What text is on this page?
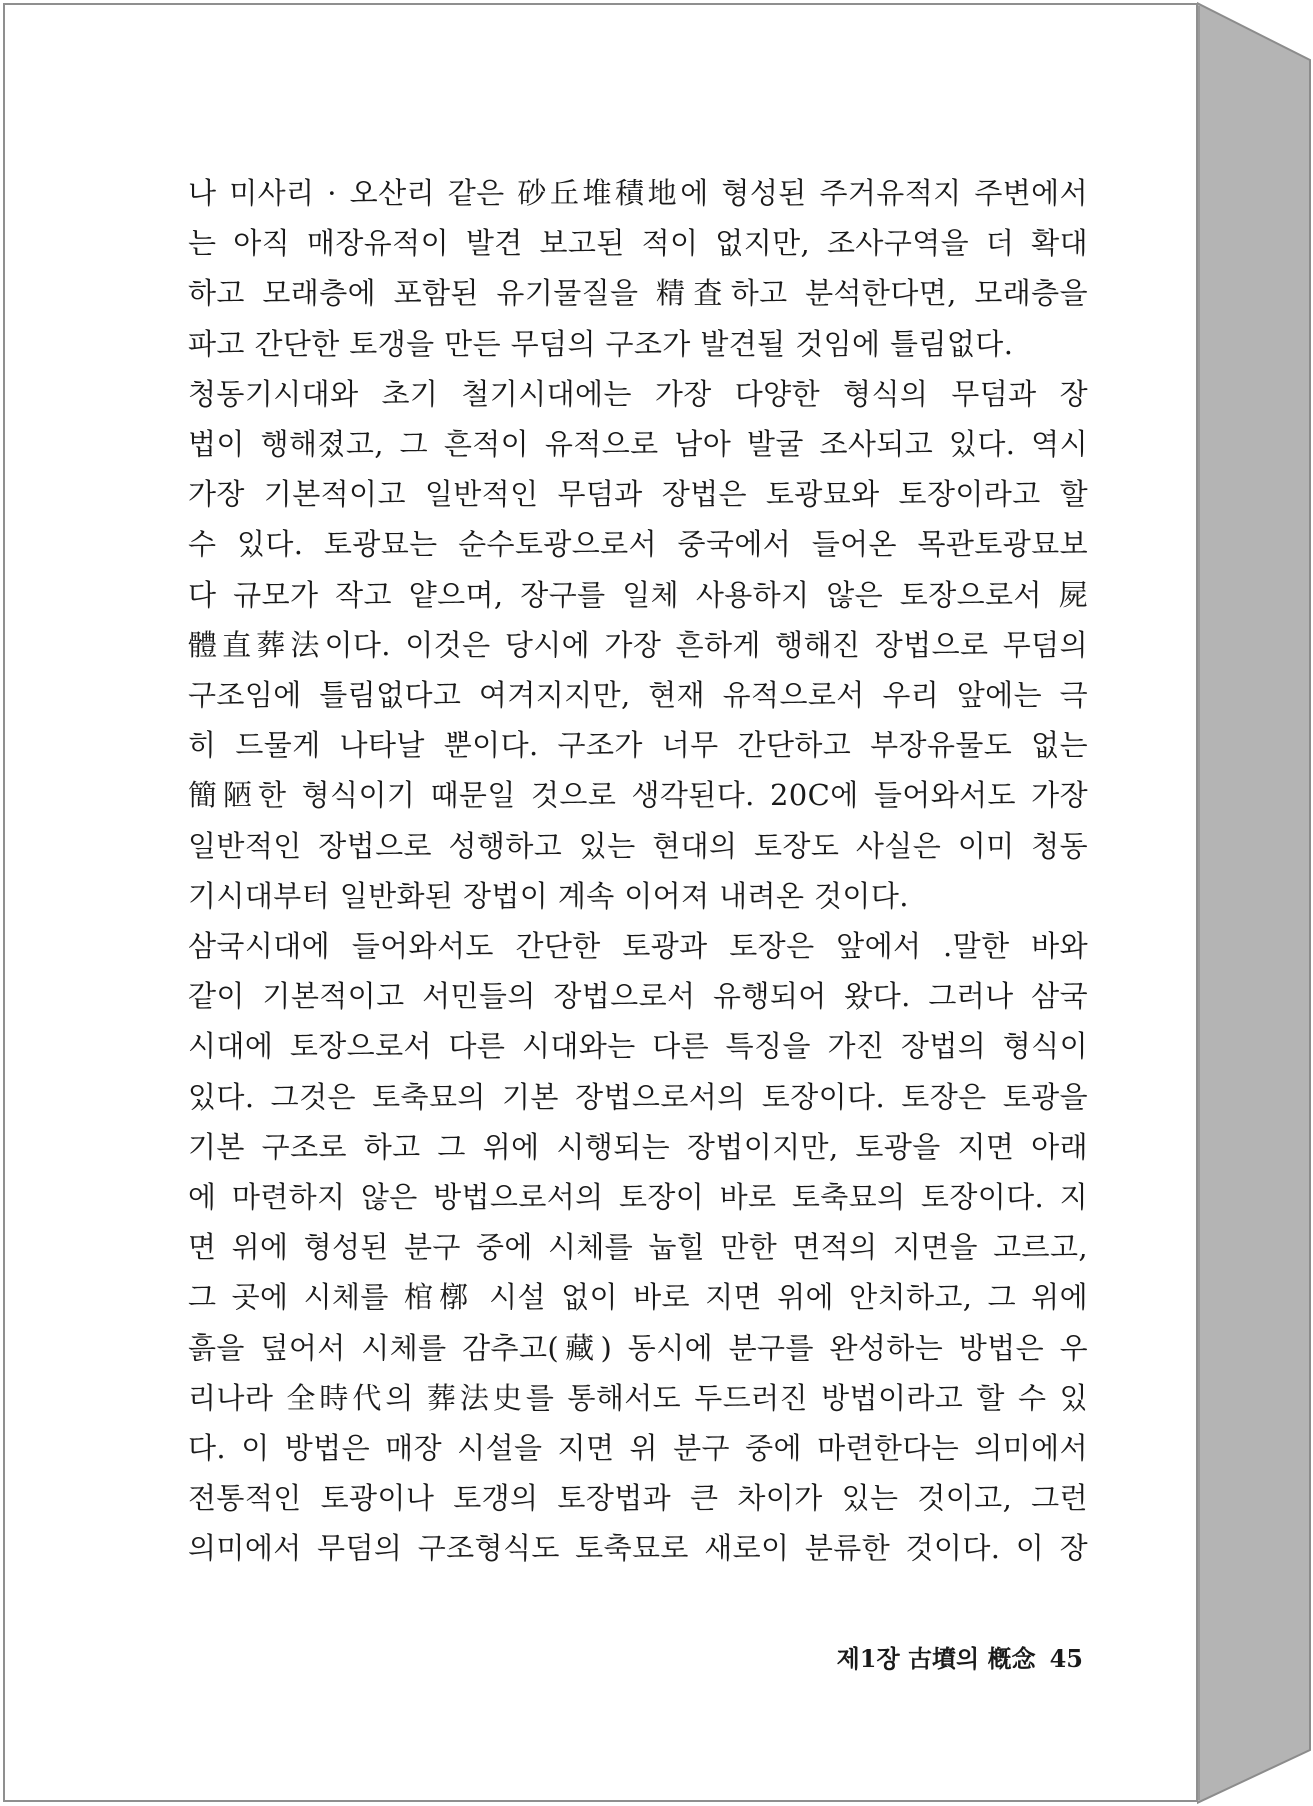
나 미사리 · 오산리 같은 砂丘堆積地에 형성된 주거유적지 주변에서
는 아직 매장유적이 발견 보고된 적이 없지만, 조사구역을 더 확대
하고 모래층에 포함된 유기물질을 精査하고 분석한다면, 모래층을
파고 간단한 토갱을 만든 무덤의 구조가 발견될 것임에 틀림없다.
청동기시대와 초기 철기시대에는 가장 다양한 형식의 무덤과 장
법이 행해졌고, 그 흔적이 유적으로 남아 발굴 조사되고 있다. 역시
가장 기본적이고 일반적인 무덤과 장법은 토광묘와 토장이라고 할
수 있다. 토광묘는 순수토광으로서 중국에서 들어온 목관토광묘보
다 규모가 작고 얕으며, 장구를 일체 사용하지 않은 토장으로서 屍
體直葬法이다. 이것은 당시에 가장 흔하게 행해진 장법으로 무덤의
구조임에 틀림없다고 여겨지지만, 현재 유적으로서 우리 앞에는 극
히 드물게 나타날 뿐이다. 구조가 너무 간단하고 부장유물도 없는
簡陋한 형식이기 때문일 것으로 생각된다. 20C에 들어와서도 가장
일반적인 장법으로 성행하고 있는 현대의 토장도 사실은 이미 청동
기시대부터 일반화된 장법이 계속 이어져 내려온 것이다.
삼국시대에 들어와서도 간단한 토광과 토장은 앞에서 .말한 바와
같이 기본적이고 서민들의 장법으로서 유행되어 왔다. 그러나 삼국
시대에 토장으로서 다른 시대와는 다른 특징을 가진 장법의 형식이
있다. 그것은 토축묘의 기본 장법으로서의 토장이다. 토장은 토광을
기본 구조로 하고 그 위에 시행되는 장법이지만, 토광을 지면 아래
에 마련하지 않은 방법으로서의 토장이 바로 토축묘의 토장이다. 지
면 위에 형성된 분구 중에 시체를 눕힐 만한 면적의 지면을 고르고,
그 곳에 시체를 棺槨 시설 없이 바로 지면 위에 안치하고, 그 위에
흙을 덮어서 시체를 감추고(藏) 동시에 분구를 완성하는 방법은 우
리나라 全時代의 葬法史를 통해서도 두드러진 방법이라고 할 수 있
다. 이 방법은 매장 시설을 지면 위 분구 중에 마련한다는 의미에서
전통적인 토광이나 토갱의 토장법과 큰 차이가 있는 것이고, 그런
의미에서 무덤의 구조형식도 토축묘로 새로이 분류한 것이다. 이 장
제1장 古墳의 槪念 45
